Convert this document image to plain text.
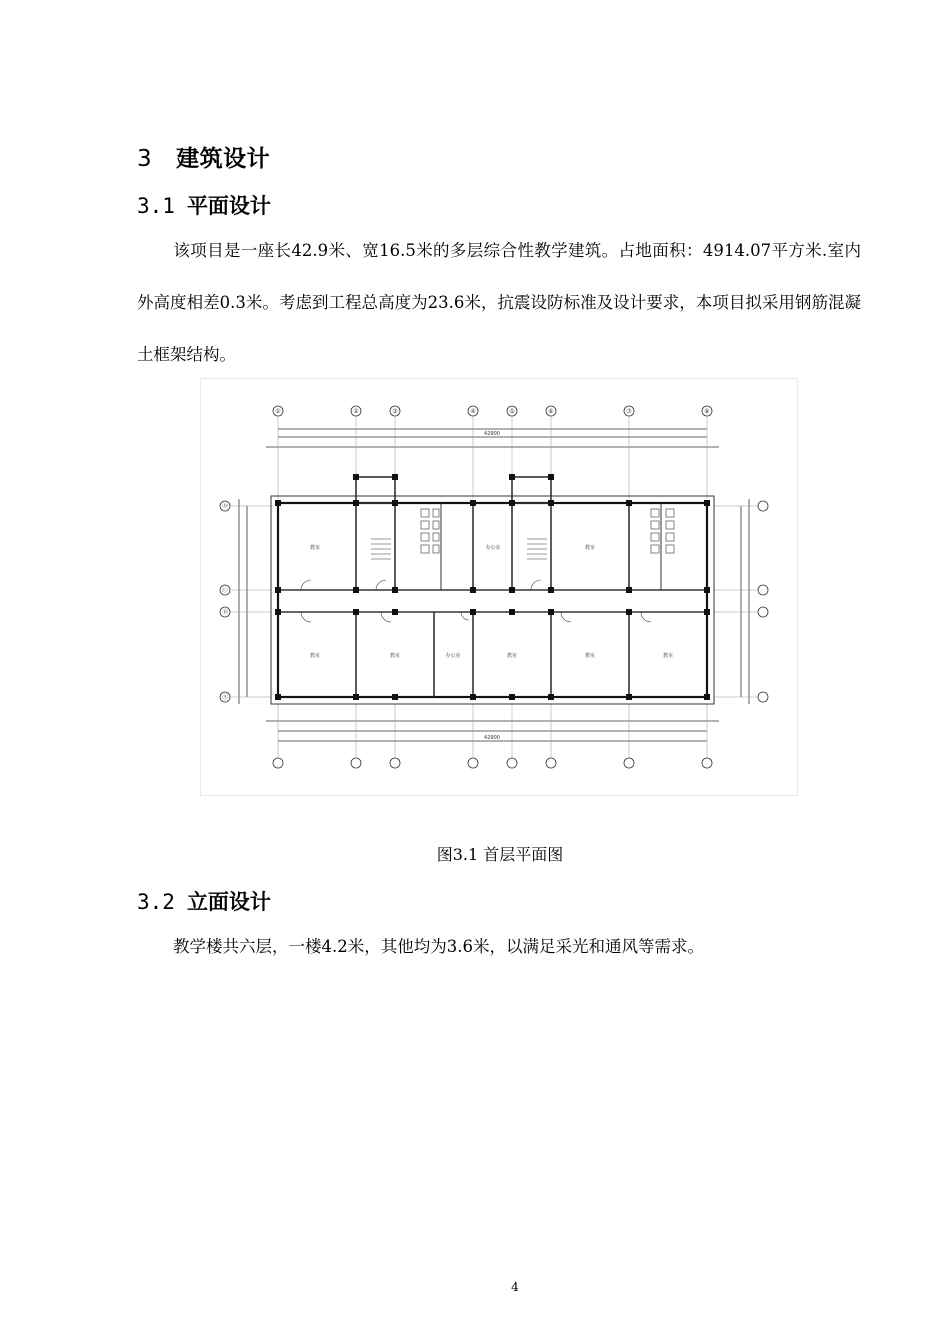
3 建筑设计
3.1 平面设计
该项目是一座长42.9米、宽16.5米的多层综合性教学建筑。占地面积：4914.07平方米.室内外高度相差0.3米。考虑到工程总高度为23.6米，抗震设防标准及设计要求，本项目拟采用钢筋混凝土框架结构。
42900
42900
教室	教室
办公室
教室	教室	办公室	教室	教室	教室
①	②	③	④	⑤	⑥	⑦	⑧
Ⓓ
Ⓒ
Ⓑ
Ⓐ
图3.1 首层平面图
3.2 立面设计
教学楼共六层，一楼4.2米，其他均为3.6米，以满足采光和通风等需求。
4
